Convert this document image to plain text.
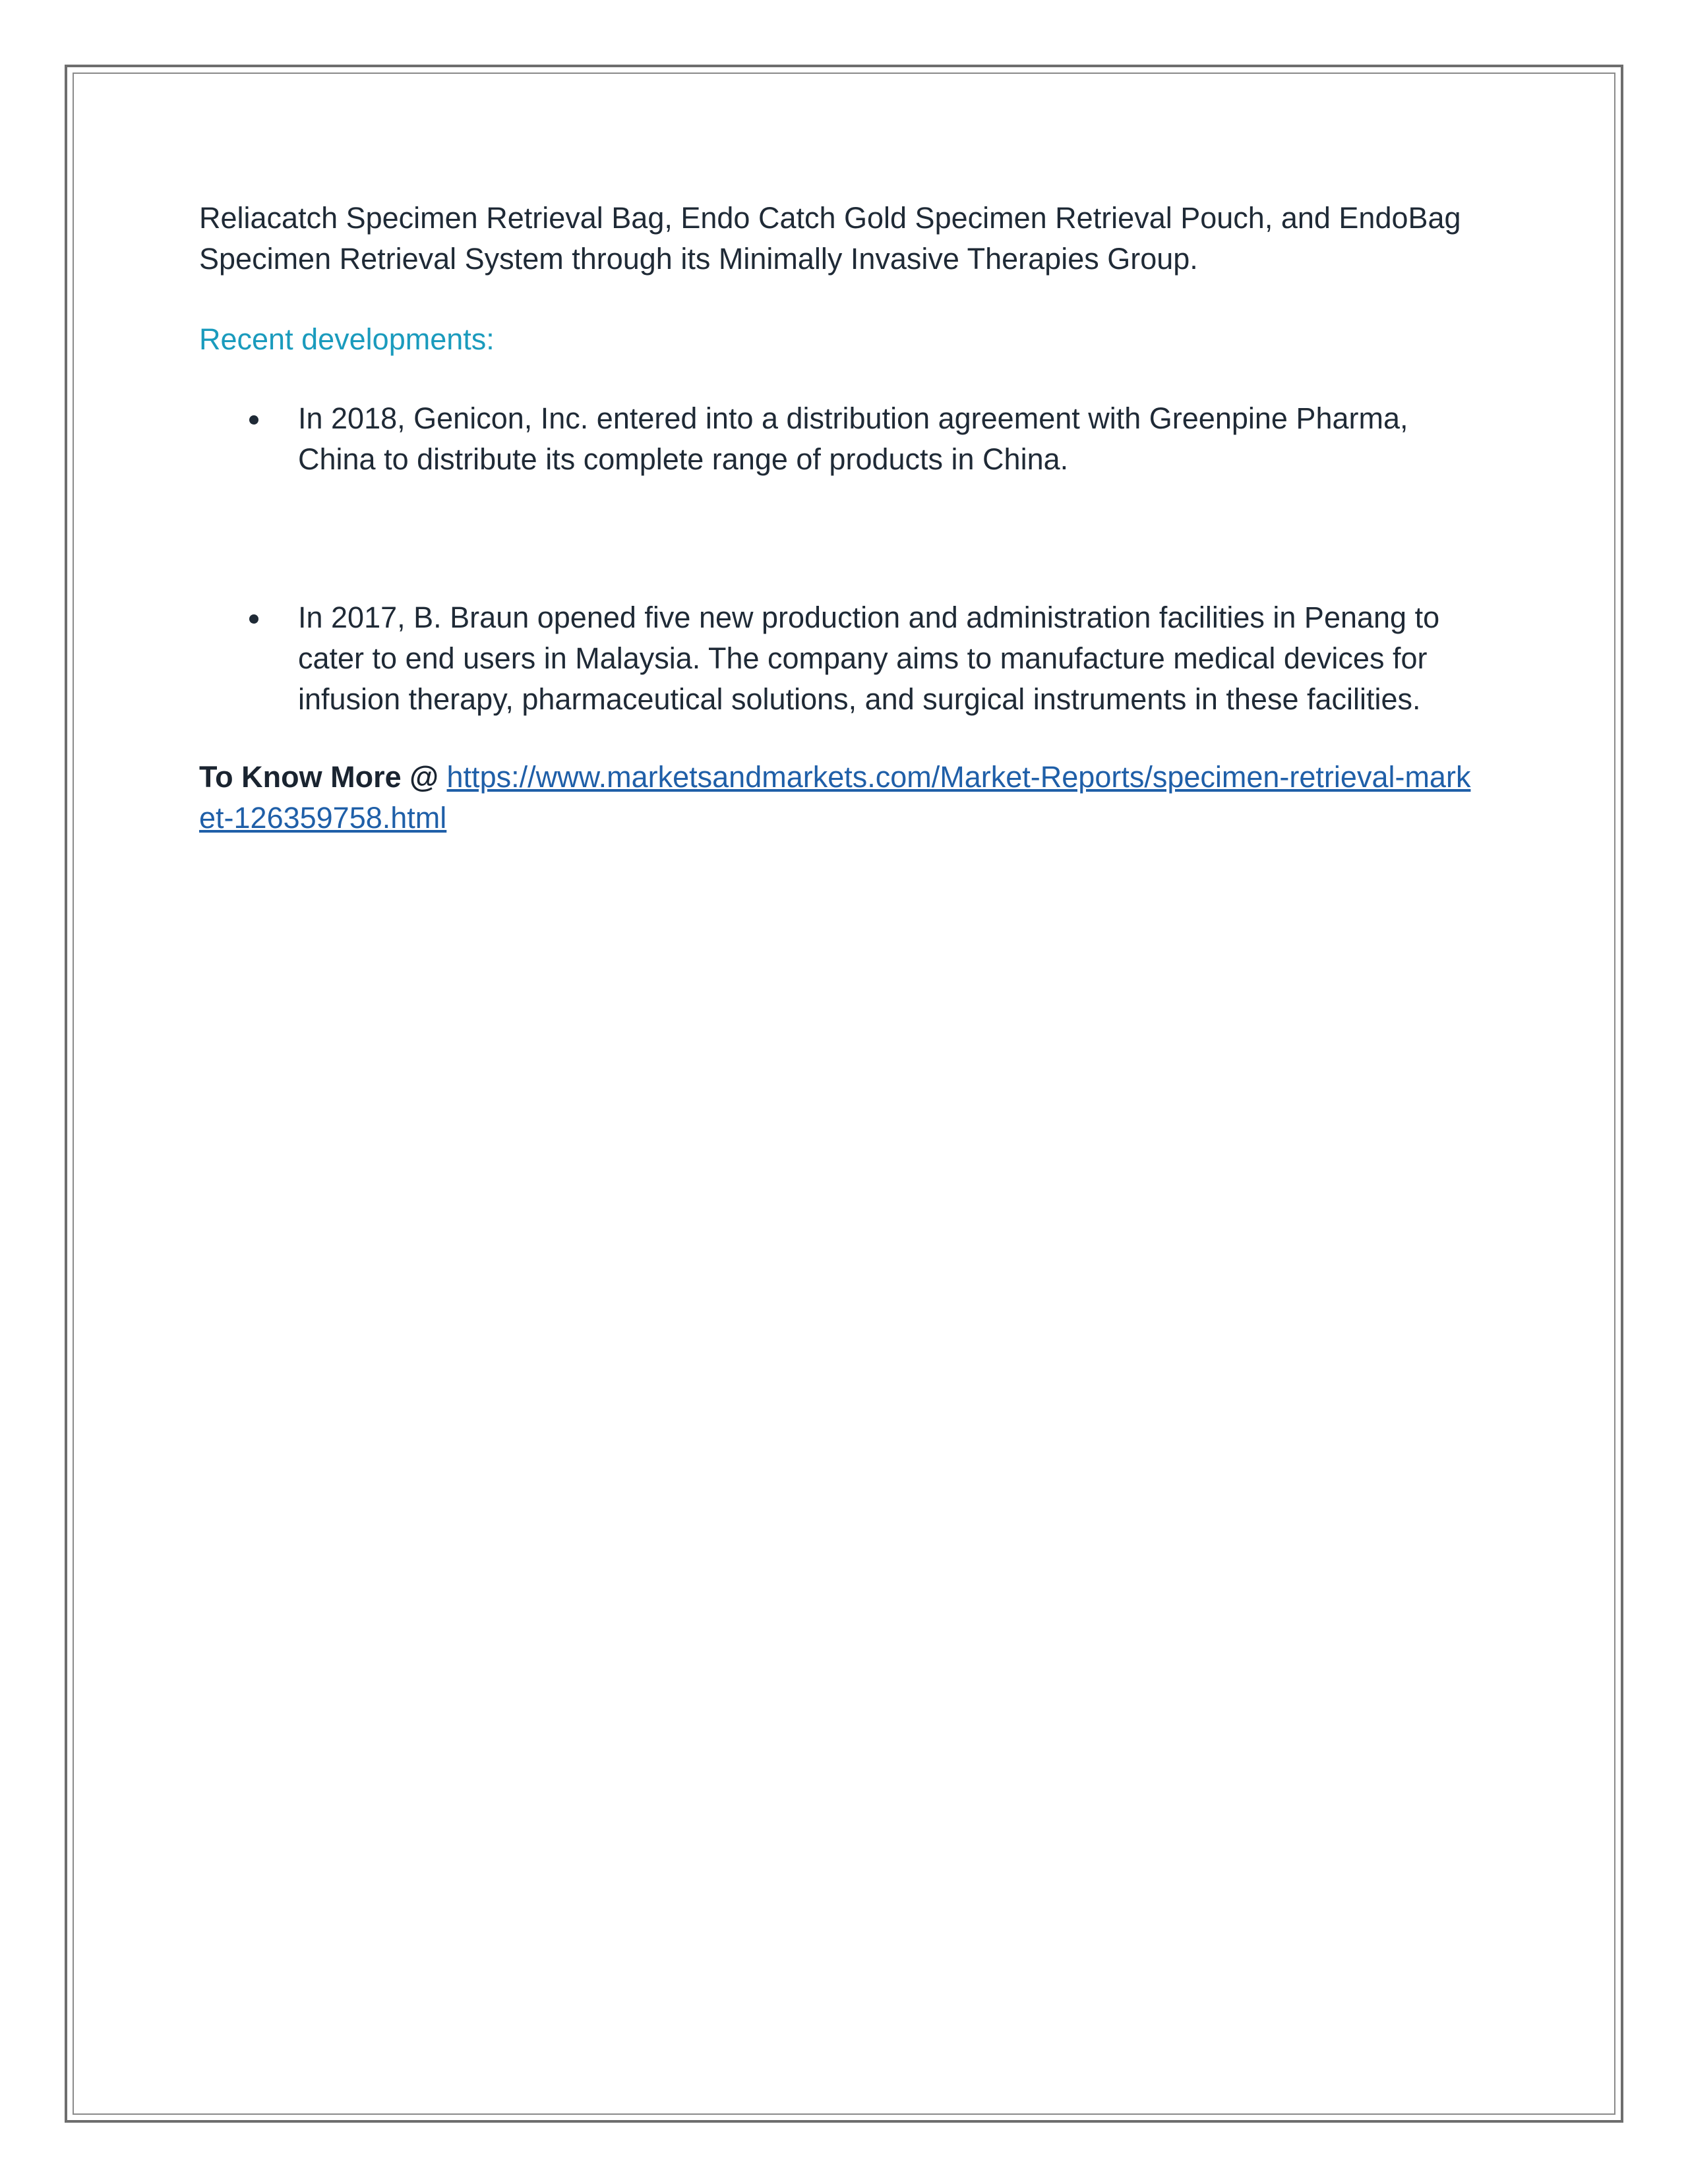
Reliacatch Specimen Retrieval Bag, Endo Catch Gold Specimen Retrieval Pouch, and EndoBag Specimen Retrieval System through its Minimally Invasive Therapies Group.

Recent developments:

In 2018, Genicon, Inc. entered into a distribution agreement with Greenpine Pharma, China to distribute its complete range of products in China.
In 2017, B. Braun opened five new production and administration facilities in Penang to cater to end users in Malaysia. The company aims to manufacture medical devices for infusion therapy, pharmaceutical solutions, and surgical instruments in these facilities.

To Know More @ https://www.marketsandmarkets.com/Market-Reports/specimen-retrieval-market-126359758.html
